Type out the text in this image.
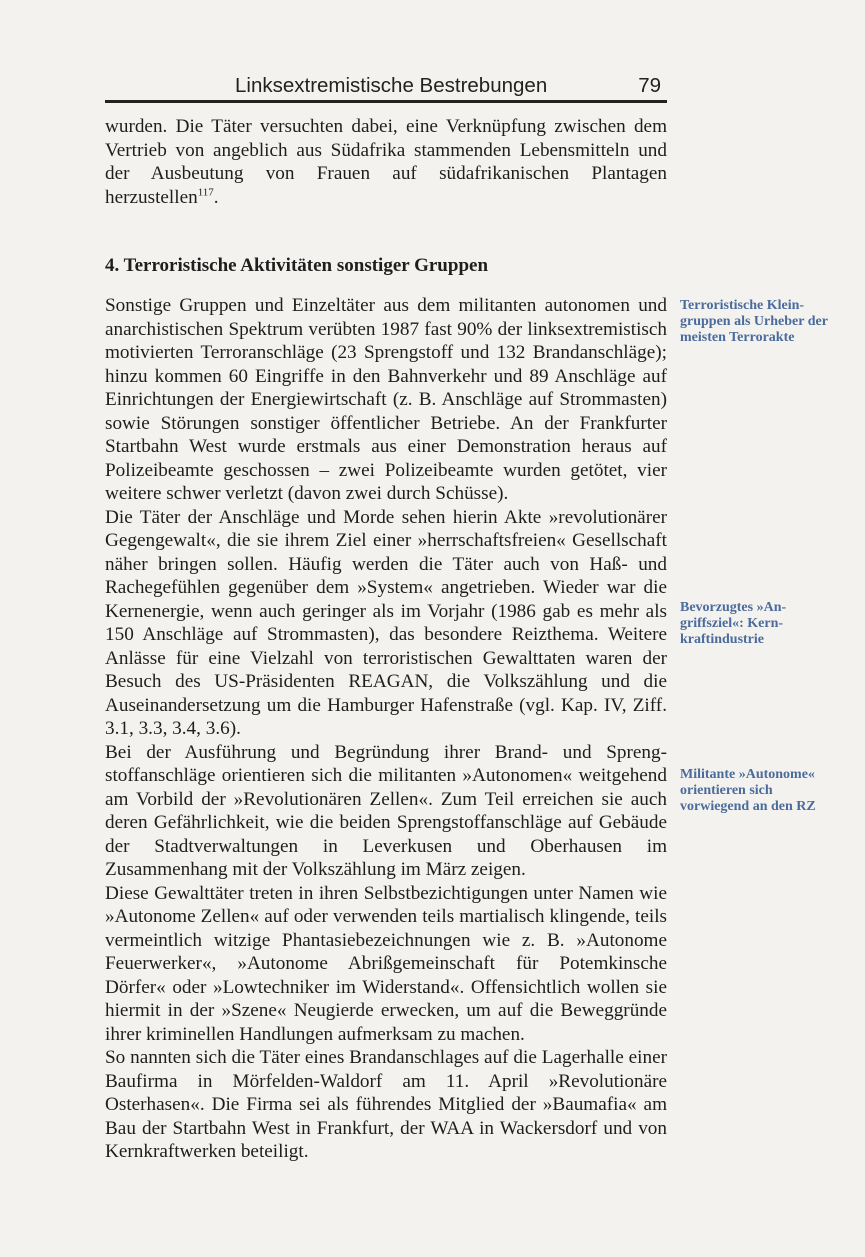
Linksextremistische Bestrebungen	79

wurden. Die Täter versuchten dabei, eine Verknüpfung zwischen dem Vertrieb von angeblich aus Südafrika stammenden Lebensmitteln und der Ausbeutung von Frauen auf südafrikanischen Plantagen herzustellen$^{117}$.

4. Terroristische Aktivitäten sonstiger Gruppen

Sonstige Gruppen und Einzeltäter aus dem militanten autonomen und anarchistischen Spektrum verübten 1987 fast 90% der linksextremistisch motivierten Terroranschläge (23 Sprengstoff und 132 Brandanschläge); hinzu kommen 60 Eingriffe in den Bahnverkehr und 89 Anschläge auf Einrichtungen der Energiewirtschaft (z. B. Anschläge auf Strommasten) sowie Störungen sonstiger öffentlicher Betriebe. An der Frankfurter Startbahn West wurde erstmals aus einer Demonstration heraus auf Polizeibeamte geschossen – zwei Polizeibeamte wurden getötet, vier weitere schwer verletzt (davon zwei durch Schüsse).

Die Täter der Anschläge und Morde sehen hierin Akte »revolutionärer Gegengewalt«, die sie ihrem Ziel einer »herrschaftsfreien« Gesellschaft näher bringen sollen. Häufig werden die Täter auch von Haß- und Rachegefühlen gegenüber dem »System« angetrieben. Wieder war die Kernenergie, wenn auch geringer als im Vorjahr (1986 gab es mehr als 150 Anschläge auf Strommasten), das besondere Reizthema. Weitere Anlässe für eine Vielzahl von terroristischen Gewalttaten waren der Besuch des US-Präsidenten REAGAN, die Volkszählung und die Auseinandersetzung um die Hamburger Hafenstraße (vgl. Kap. IV, Ziff. 3.1, 3.3, 3.4, 3.6).

Bei der Ausführung und Begründung ihrer Brand- und Sprengstoffanschläge orientieren sich die militanten »Autonomen« weitgehend am Vorbild der »Revolutionären Zellen«. Zum Teil erreichen sie auch deren Gefährlichkeit, wie die beiden Sprengstoffanschläge auf Gebäude der Stadtverwaltungen in Leverkusen und Oberhausen im Zusammenhang mit der Volkszählung im März zeigen.

Diese Gewalttäter treten in ihren Selbstbezichtigungen unter Namen wie »Autonome Zellen« auf oder verwenden teils martialisch klingende, teils vermeintlich witzige Phantasiebezeichnungen wie z. B. »Autonome Feuerwerker«, »Autonome Abrißgemeinschaft für Potemkinsche Dörfer« oder »Lowtechniker im Widerstand«. Offensichtlich wollen sie hiermit in der »Szene« Neugierde erwecken, um auf die Beweggründe ihrer kriminellen Handlungen aufmerksam zu machen.

So nannten sich die Täter eines Brandanschlages auf die Lagerhalle einer Baufirma in Mörfelden-Waldorf am 11. April »Revolutionäre Osterhasen«. Die Firma sei als führendes Mitglied der »Baumafia« am Bau der Startbahn West in Frankfurt, der WAA in Wackersdorf und von Kernkraftwerken beteiligt.

Terroristische Kleingruppen als Urheber der meisten Terrorakte
Bevorzugtes »Angriffsziel«: Kernkraftindustrie
Militante »Autonome« orientieren sich vorwiegend an den RZ
